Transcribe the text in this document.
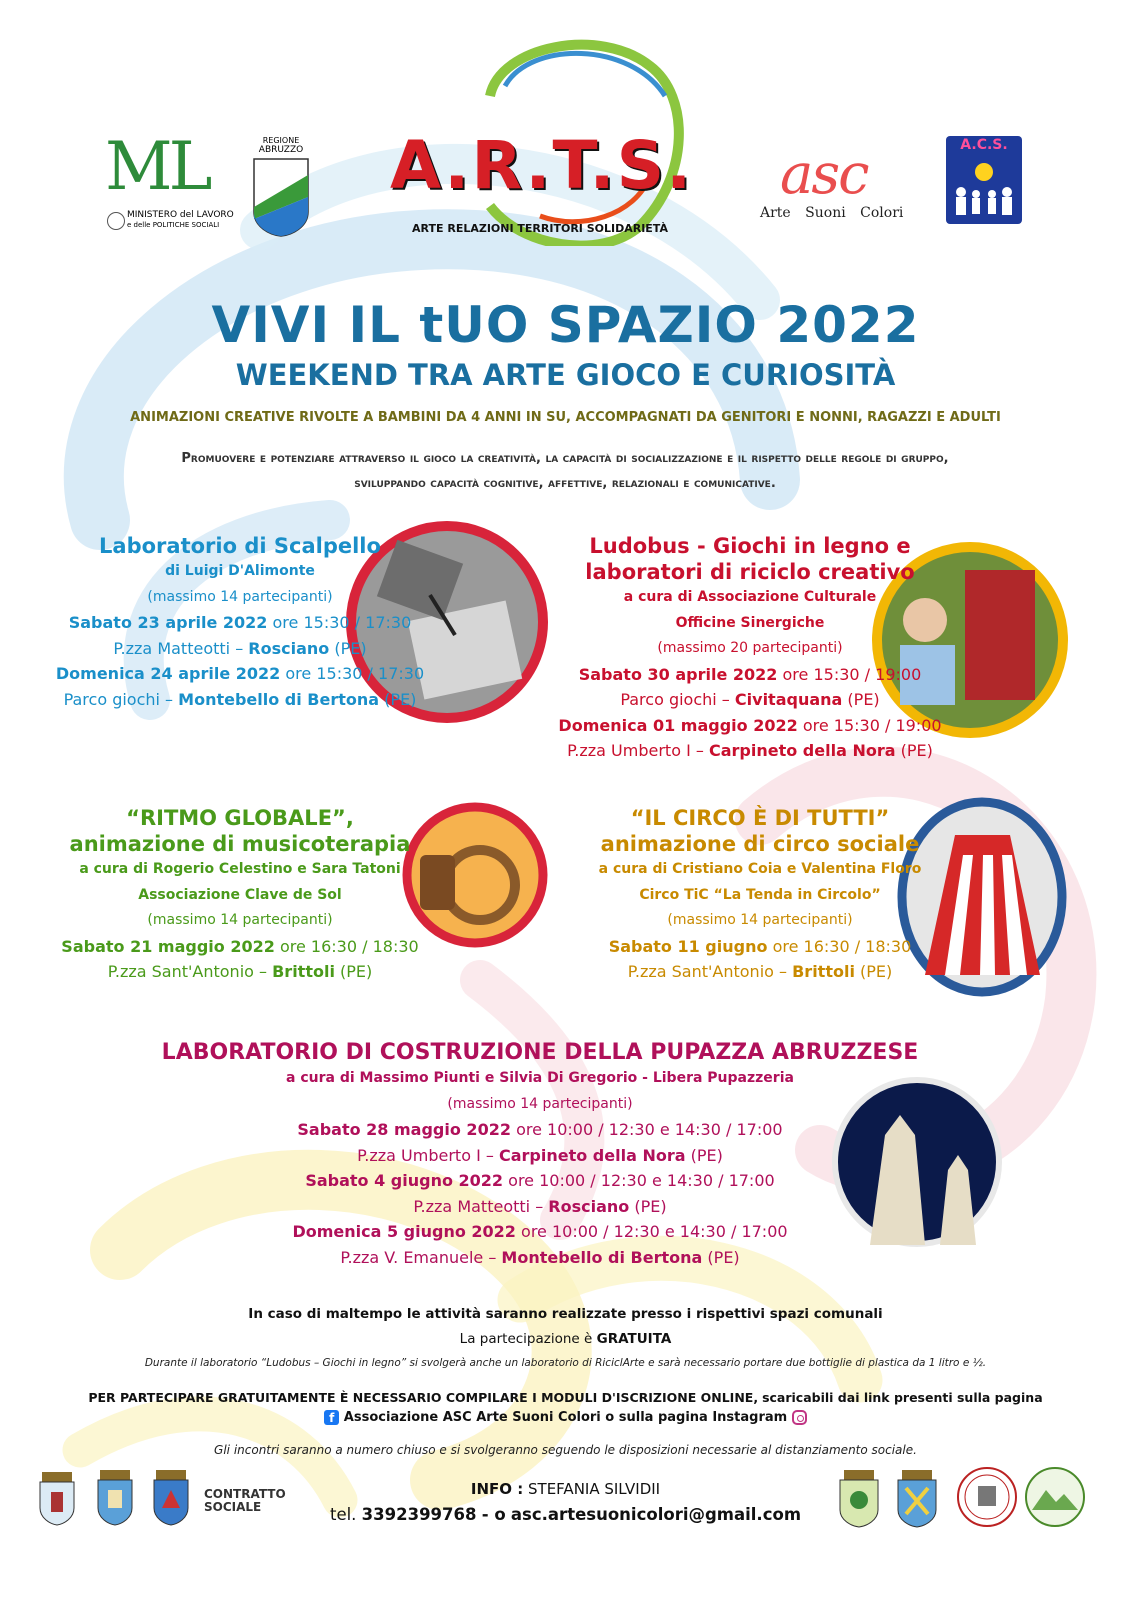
ML
MINISTERO del LAVORO
e delle POLITICHE SOCIALI
REGIONE
ABRUZZO A.R.T.S.
ARTE RELAZIONI TERRITORI SOLIDARIETÀ
asc
Arte Suoni Colori
A.C.S.
VIVI IL tUO SPAZIO 2022
WEEKEND TRA ARTE GIOCO E CURIOSITÀ
ANIMAZIONI CREATIVE RIVOLTE A BAMBINI DA 4 ANNI IN SU, ACCOMPAGNATI DA GENITORI E NONNI, RAGAZZI E ADULTI
Promuovere e potenziare attraverso il gioco la creatività, la capacità di socializzazione e il rispetto delle regole di gruppo,
sviluppando capacità cognitive, affettive, relazionali e comunicative.
Laboratorio di Scalpello
di Luigi D'Alimonte
(massimo 14 partecipanti)
Sabato 23 aprile 2022 ore 15:30 / 17:30
P.zza Matteotti – Rosciano (PE)
Domenica 24 aprile 2022 ore 15:30 / 17:30
Parco giochi – Montebello di Bertona (PE)
Ludobus - Giochi in legno e
laboratori di riciclo creativo
a cura di Associazione Culturale
Officine Sinergiche
(massimo 20 partecipanti)
Sabato 30 aprile 2022 ore 15:30 / 19:00
Parco giochi – Civitaquana (PE)
Domenica 01 maggio 2022 ore 15:30 / 19:00
P.zza Umberto I – Carpineto della Nora (PE)
“RITMO GLOBALE”,
animazione di musicoterapia
a cura di Rogerio Celestino e Sara Tatoni
Associazione Clave de Sol
(massimo 14 partecipanti)
Sabato 21 maggio 2022 ore 16:30 / 18:30
P.zza Sant'Antonio – Brittoli (PE)
“IL CIRCO È DI TUTTI”
animazione di circo sociale
a cura di Cristiano Coia e Valentina Floro
Circo TiC “La Tenda in Circolo”
(massimo 14 partecipanti)
Sabato 11 giugno ore 16:30 / 18:30
P.zza Sant'Antonio – Brittoli (PE)
LABORATORIO DI COSTRUZIONE DELLA PUPAZZA ABRUZZESE
a cura di Massimo Piunti e Silvia Di Gregorio - Libera Pupazzeria
(massimo 14 partecipanti)
Sabato 28 maggio 2022 ore 10:00 / 12:30 e 14:30 / 17:00
P.zza Umberto I – Carpineto della Nora (PE)
Sabato 4 giugno 2022 ore 10:00 / 12:30 e 14:30 / 17:00
P.zza Matteotti – Rosciano (PE)
Domenica 5 giugno 2022 ore 10:00 / 12:30 e 14:30 / 17:00
P.zza V. Emanuele – Montebello di Bertona (PE)
In caso di maltempo le attività saranno realizzate presso i rispettivi spazi comunali
La partecipazione è GRATUITA
Durante il laboratorio “Ludobus – Giochi in legno” si svolgerà anche un laboratorio di RiciclArte e sarà necessario portare due bottiglie di plastica da 1 litro e ½.
PER PARTECIPARE GRATUITAMENTE È NECESSARIO COMPILARE I MODULI D'ISCRIZIONE ONLINE, scaricabili dai link presenti sulla pagina
f Associazione ASC Arte Suoni Colori o sulla pagina Instagram
Gli incontri saranno a numero chiuso e si svolgeranno seguendo le disposizioni necessarie al distanziamento sociale.
INFO : STEFANIA SILVIDII
tel. 3392399768 - o asc.artesuonicolori@gmail.com
CONTRATTO
SOCIALE
